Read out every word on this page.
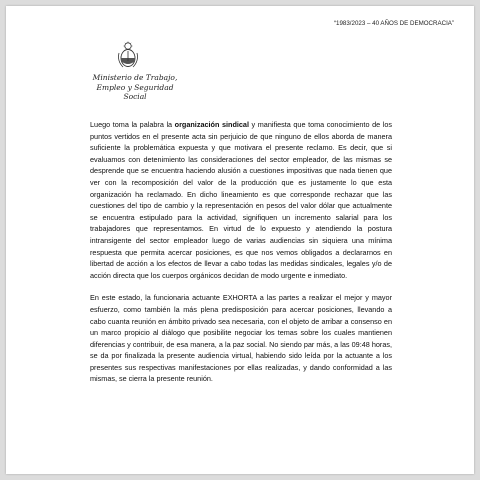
“1983/2023 – 40 AÑOS DE DEMOCRACIA”
Ministerio de Trabajo,
Empleo y Seguridad Social

Luego toma la palabra la organización sindical y manifiesta que toma conocimiento de los puntos vertidos en el presente acta sin perjuicio de que ninguno de ellos aborda de manera suficiente la problemática expuesta y que motivara el presente reclamo. Es decir, que si evaluamos con detenimiento las consideraciones del sector empleador, de las mismas se desprende que se encuentra haciendo alusión a cuestiones impositivas que nada tienen que ver con la recomposición del valor de la producción que es justamente lo que esta organización ha reclamado. En dicho lineamiento es que corresponde rechazar que las cuestiones del tipo de cambio y la representación en pesos del valor dólar que actualmente se encuentra estipulado para la actividad, signifiquen un incremento salarial para los trabajadores que representamos. En virtud de lo expuesto y atendiendo la postura intransigente del sector empleador luego de varias audiencias sin siquiera una mínima respuesta que permita acercar posiciones, es que nos vemos obligados a declararnos en libertad de acción a los efectos de llevar a cabo todas las medidas sindicales, legales y/o de acción directa que los cuerpos orgánicos decidan de modo urgente e inmediato.

En este estado, la funcionaria actuante EXHORTA a las partes a realizar el mejor y mayor esfuerzo, como también la más plena predisposición para acercar posiciones, llevando a cabo cuanta reunión en ámbito privado sea necesaria, con el objeto de arribar a consenso en un marco propicio al diálogo que posibilite negociar los temas sobre los cuales mantienen diferencias y contribuir, de esa manera, a la paz social. No siendo par más, a las 09:48 horas, se da por finalizada la presente audiencia virtual, habiendo sido leída por la actuante a los presentes sus respectivas manifestaciones por ellas realizadas, y dando conformidad a las mismas, se cierra la presente reunión.
